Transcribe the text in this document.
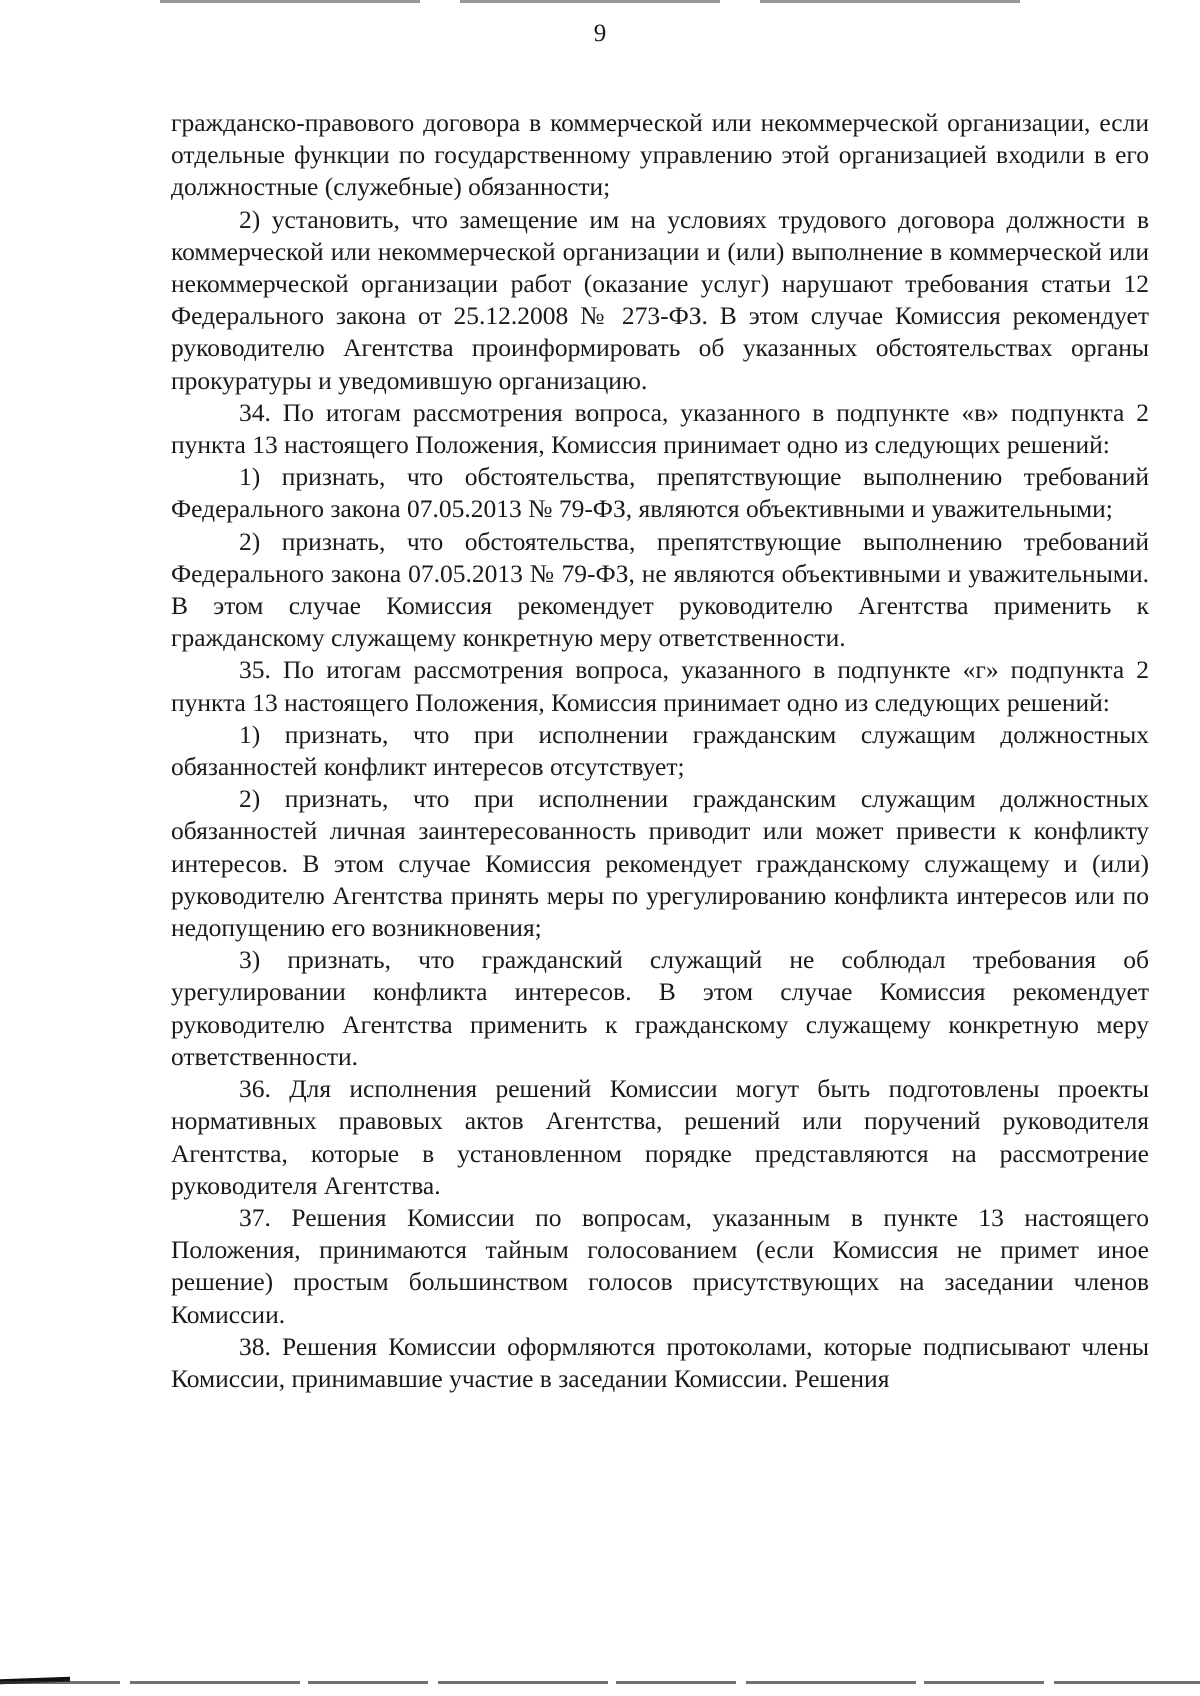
9

гражданско-правового договора в коммерческой или некоммерческой организации, если отдельные функции по государственному управлению этой организацией входили в его должностные (служебные) обязанности;

2) установить, что замещение им на условиях трудового договора должности в коммерческой или некоммерческой организации и (или) выполнение в коммерческой или некоммерческой организации работ (оказание услуг) нарушают требования статьи 12 Федерального закона от 25.12.2008 № 273-ФЗ. В этом случае Комиссия рекомендует руководителю Агентства проинформировать об указанных обстоятельствах органы прокуратуры и уведомившую организацию.

34. По итогам рассмотрения вопроса, указанного в подпункте «в» подпункта 2 пункта 13 настоящего Положения, Комиссия принимает одно из следующих решений:

1) признать, что обстоятельства, препятствующие выполнению требований Федерального закона 07.05.2013 № 79-ФЗ, являются объективными и уважительными;

2) признать, что обстоятельства, препятствующие выполнению требований Федерального закона 07.05.2013 № 79-ФЗ, не являются объективными и уважительными. В этом случае Комиссия рекомендует руководителю Агентства применить к гражданскому служащему конкретную меру ответственности.

35. По итогам рассмотрения вопроса, указанного в подпункте «г» подпункта 2 пункта 13 настоящего Положения, Комиссия принимает одно из следующих решений:

1) признать, что при исполнении гражданским служащим должностных обязанностей конфликт интересов отсутствует;

2) признать, что при исполнении гражданским служащим должностных обязанностей личная заинтересованность приводит или может привести к конфликту интересов. В этом случае Комиссия рекомендует гражданскому служащему и (или) руководителю Агентства принять меры по урегулированию конфликта интересов или по недопущению его возникновения;

3) признать, что гражданский служащий не соблюдал требования об урегулировании конфликта интересов. В этом случае Комиссия рекомендует руководителю Агентства применить к гражданскому служащему конкретную меру ответственности.

36. Для исполнения решений Комиссии могут быть подготовлены проекты нормативных правовых актов Агентства, решений или поручений руководителя Агентства, которые в установленном порядке представляются на рассмотрение руководителя Агентства.

37. Решения Комиссии по вопросам, указанным в пункте 13 настоящего Положения, принимаются тайным голосованием (если Комиссия не примет иное решение) простым большинством голосов присутствующих на заседании членов Комиссии.

38. Решения Комиссии оформляются протоколами, которые подписывают члены Комиссии, принимавшие участие в заседании Комиссии. Решения
